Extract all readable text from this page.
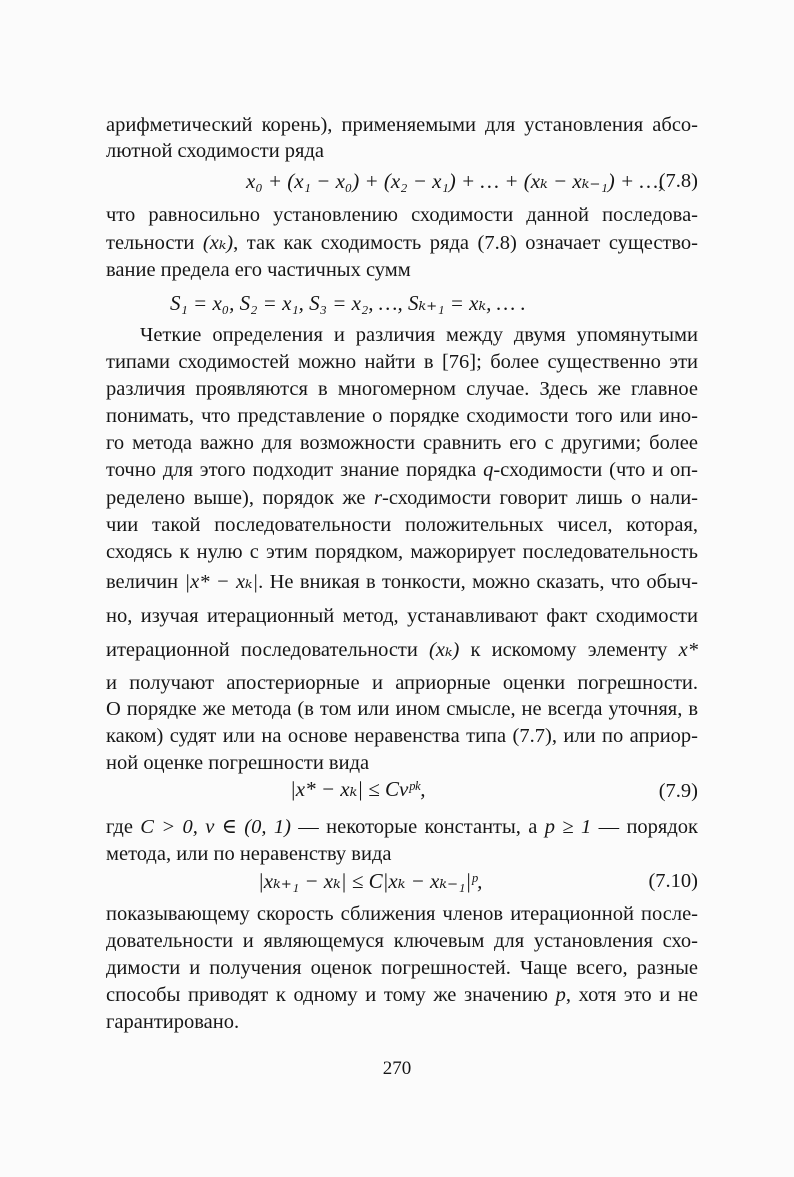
арифметический корень), применяемыми для установления абсо-
лютной сходимости ряда
x₀ + (x₁ − x₀) + (x₂ − x₁) + … + (xₖ − xₖ₋₁) + …,
(7.8)
что равносильно установлению сходимости данной последова-
тельности (xₖ), так как сходимость ряда (7.8) означает существо-
вание предела его частичных сумм
S₁ = x₀, S₂ = x₁, S₃ = x₂, …, Sₖ₊₁ = xₖ, … .
Четкие определения и различия между двумя упомянутыми
типами сходимостей можно найти в [76]; более существенно эти
различия проявляются в многомерном случае. Здесь же главное
понимать, что представление о порядке сходимости того или ино-
го метода важно для возможности сравнить его с другими; более
точно для этого подходит знание порядка q-сходимости (что и оп-
ределено выше), порядок же r-сходимости говорит лишь о нали-
чии такой последовательности положительных чисел, которая,
сходясь к нулю с этим порядком, мажорирует последовательность
величин |x* − xₖ|. Не вникая в тонкости, можно сказать, что обыч-
но, изучая итерационный метод, устанавливают факт сходимости
итерационной последовательности (xₖ) к искомому элементу x*
и получают апостериорные и априорные оценки погрешности.
О порядке же метода (в том или ином смысле, не всегда уточняя, в
каком) судят или на основе неравенства типа (7.7), или по априор-
ной оценке погрешности вида
|x* − xₖ| ≤ Cνᵖᵏ,	(7.9)
где C > 0, ν ∈ (0, 1) — некоторые константы, а p ≥ 1 — порядок
метода, или по неравенству вида
|xₖ₊₁ − xₖ| ≤ C|xₖ − xₖ₋₁|ᵖ,	(7.10)
показывающему скорость сближения членов итерационной после-
довательности и являющемуся ключевым для установления схо-
димости и получения оценок погрешностей. Чаще всего, разные
способы приводят к одному и тому же значению p, хотя это и не
гарантировано.
270
